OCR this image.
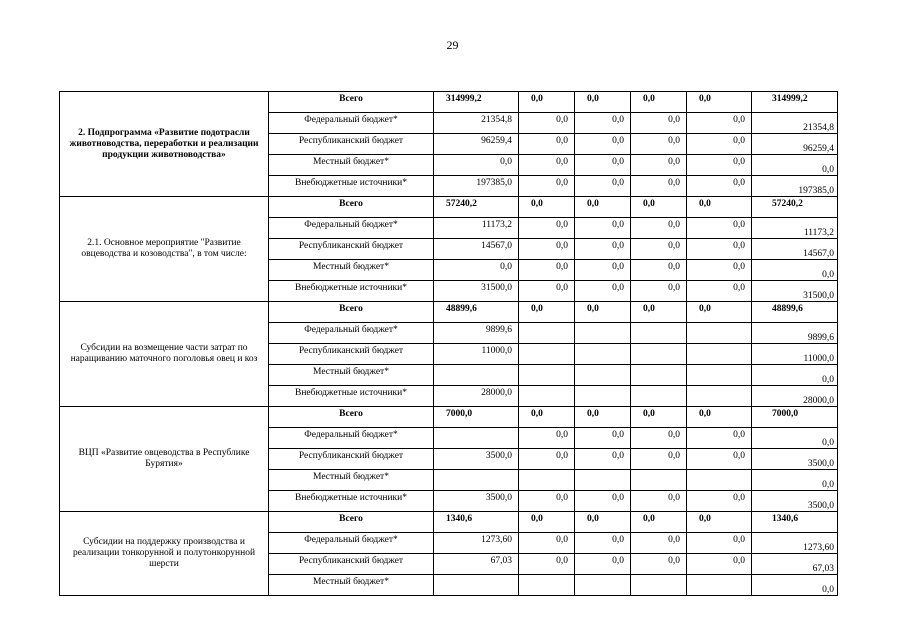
29
2. Подпрограмма «Развитие подотрасли животноводства, переработки и реализации продукции животноводства»	Всего	314999,2	0,0	0,0	0,0	0,0	314999,2
	Федеральный бюджет*	21354,8	0,0	0,0	0,0	0,0	21354,8
	Республиканский бюджет	96259,4	0,0	0,0	0,0	0,0	96259,4
	Местный бюджет*	0,0	0,0	0,0	0,0	0,0	0,0
	Внебюджетные источники*	197385,0	0,0	0,0	0,0	0,0	197385,0
2.1. Основное мероприятие "Развитие овцеводства и козоводства", в том числе:	Всего	57240,2	0,0	0,0	0,0	0,0	57240,2
	Федеральный бюджет*	11173,2	0,0	0,0	0,0	0,0	11173,2
	Республиканский бюджет	14567,0	0,0	0,0	0,0	0,0	14567,0
	Местный бюджет*	0,0	0,0	0,0	0,0	0,0	0,0
	Внебюджетные источники*	31500,0	0,0	0,0	0,0	0,0	31500,0
Субсидии на возмещение части затрат по наращиванию маточного поголовья овец и коз	Всего	48899,6	0,0	0,0	0,0	0,0	48899,6
	Федеральный бюджет*	9899,6					9899,6
	Республиканский бюджет	11000,0					11000,0
	Местный бюджет*						0,0
	Внебюджетные источники*	28000,0					28000,0
ВЦП «Развитие овцеводства в Республике Бурятия»	Всего	7000,0	0,0	0,0	0,0	0,0	7000,0
	Федеральный бюджет*		0,0	0,0	0,0	0,0	0,0
	Республиканский бюджет	3500,0	0,0	0,0	0,0	0,0	3500,0
	Местный бюджет*						0,0
	Внебюджетные источники*	3500,0	0,0	0,0	0,0	0,0	3500,0
Субсидии на поддержку производства и реализации тонкорунной и полутонкорунной шерсти	Всего	1340,6	0,0	0,0	0,0	0,0	1340,6
	Федеральный бюджет*	1273,60	0,0	0,0	0,0	0,0	1273,60
	Республиканский бюджет	67,03	0,0	0,0	0,0	0,0	67,03
	Местный бюджет*						0,0
